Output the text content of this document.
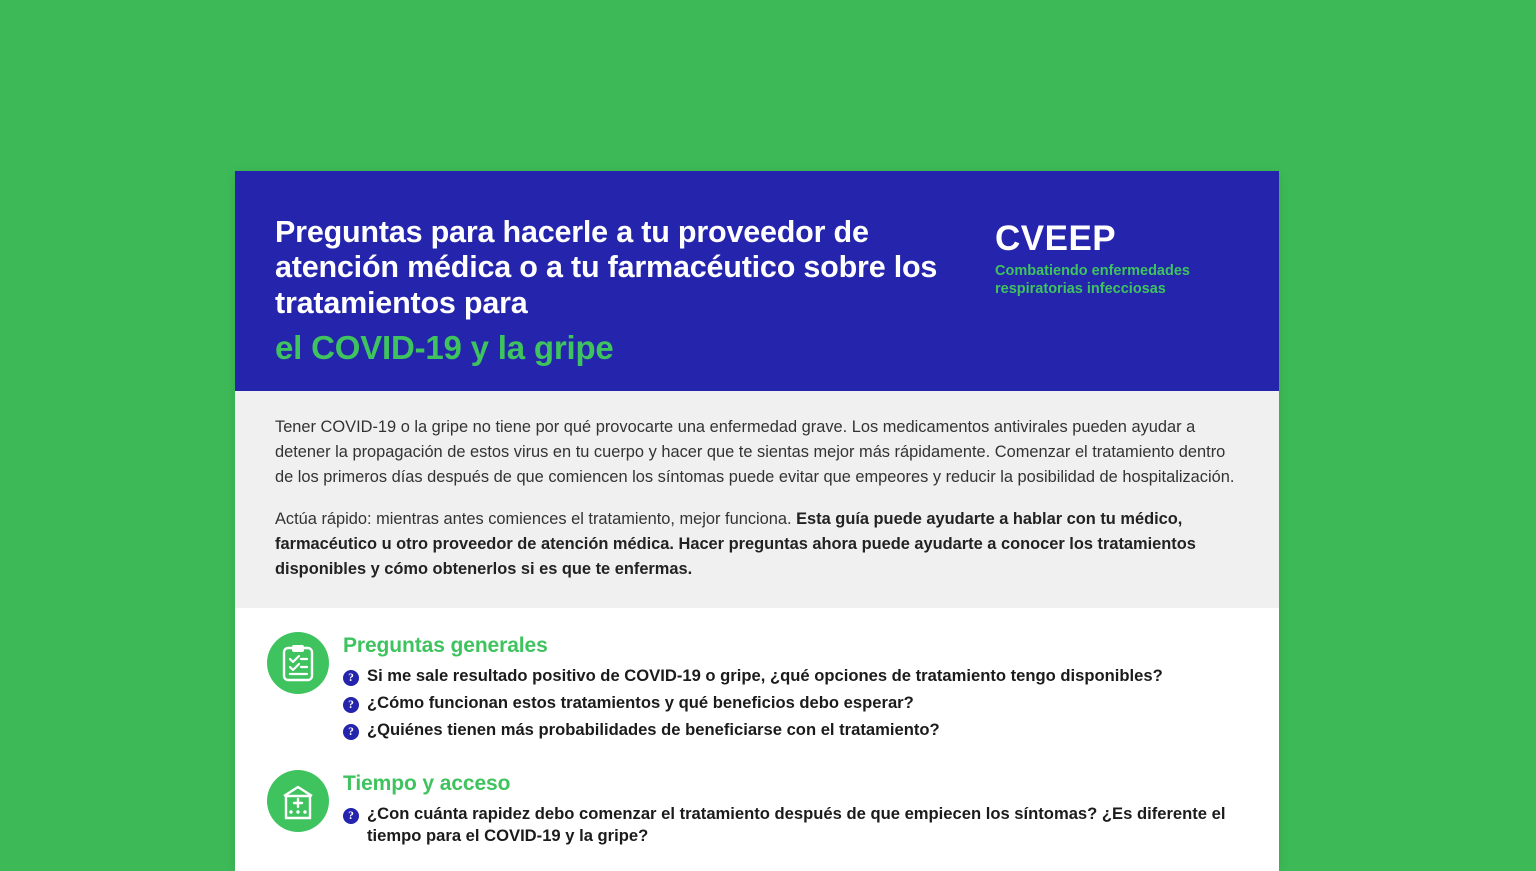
Preguntas para hacerle a tu proveedor de atención médica o a tu farmacéutico sobre los tratamientos para
el COVID-19 y la gripe
CVEEP
Combatiendo enfermedades respiratorias infecciosas

Tener COVID-19 o la gripe no tiene por qué provocarte una enfermedad grave. Los medicamentos antivirales pueden ayudar a detener la propagación de estos virus en tu cuerpo y hacer que te sientas mejor más rápidamente. Comenzar el tratamiento dentro de los primeros días después de que comiencen los síntomas puede evitar que empeores y reducir la posibilidad de hospitalización.

Actúa rápido: mientras antes comiences el tratamiento, mejor funciona. Esta guía puede ayudarte a hablar con tu médico, farmacéutico u otro proveedor de atención médica. Hacer preguntas ahora puede ayudarte a conocer los tratamientos disponibles y cómo obtenerlos si es que te enfermas.

Preguntas generales
? Si me sale resultado positivo de COVID-19 o gripe, ¿qué opciones de tratamiento tengo disponibles?
? ¿Cómo funcionan estos tratamientos y qué beneficios debo esperar?
? ¿Quiénes tienen más probabilidades de beneficiarse con el tratamiento?
Tiempo y acceso
? ¿Con cuánta rapidez debo comenzar el tratamiento después de que empiecen los síntomas? ¿Es diferente el tiempo para el COVID-19 y la gripe?
